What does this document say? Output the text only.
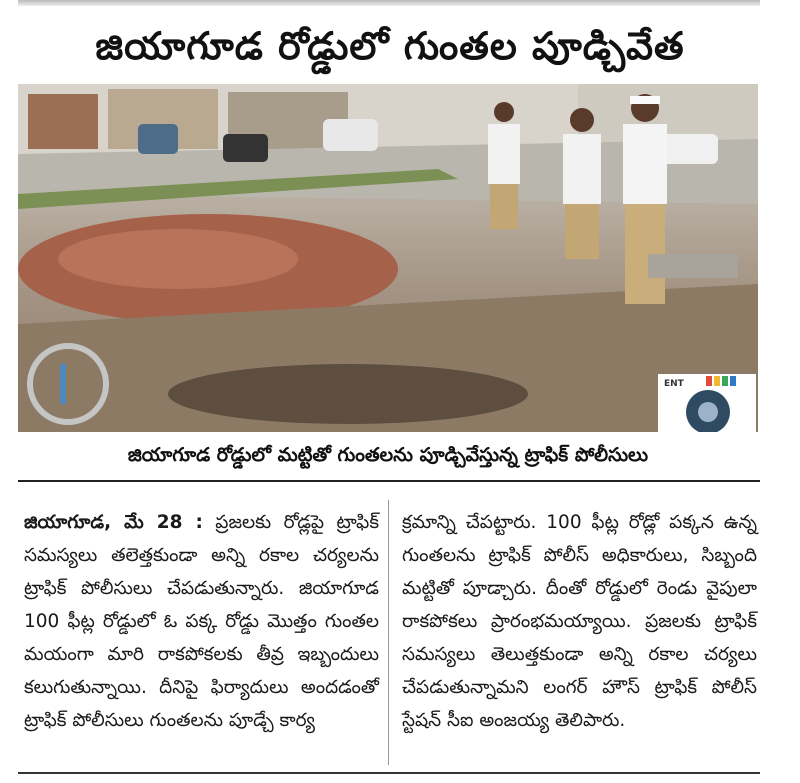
జియాగూడ రోడ్డులో గుంతల పూడ్చివేత
ENT
జియాగూడ రోడ్డులో మట్టితో గుంతలను పూడ్చివేస్తున్న ట్రాఫిక్ పోలీసులు
జియాగూడ, మే 28 : ప్రజలకు రోడ్లపై ట్రాఫిక్ సమస్యలు తలెత్తకుండా అన్ని రకాల చర్యలను ట్రాఫిక్ పోలీసులు చేపడుతున్నారు. జియాగూడ 100 ఫీట్ల రోడ్డులో ఓ పక్క రోడ్డు మొత్తం గుంతల మయంగా మారి రాకపోకలకు తీవ్ర ఇబ్బందులు కలుగుతున్నాయి. దీనిపై ఫిర్యాదులు అందడంతో ట్రాఫిక్ పోలీసులు గుంతలను పూడ్చే కార్య
క్రమాన్ని చేపట్టారు. 100 ఫీట్ల రోడ్లో పక్కన ఉన్న గుంతలను ట్రాఫిక్ పోలీస్ అధికారులు, సిబ్బంది మట్టితో పూడ్చారు. దీంతో రోడ్డులో రెండు వైపులా రాకపోకలు ప్రారంభమయ్యాయి. ప్రజలకు ట్రాఫిక్ సమస్యలు తెలుత్తకుండా అన్ని రకాల చర్యలు చేపడుతున్నామని లంగర్ హౌస్ ట్రాఫిక్ పోలీస్ స్టేషన్ సీఐ అంజయ్య తెలిపారు.
